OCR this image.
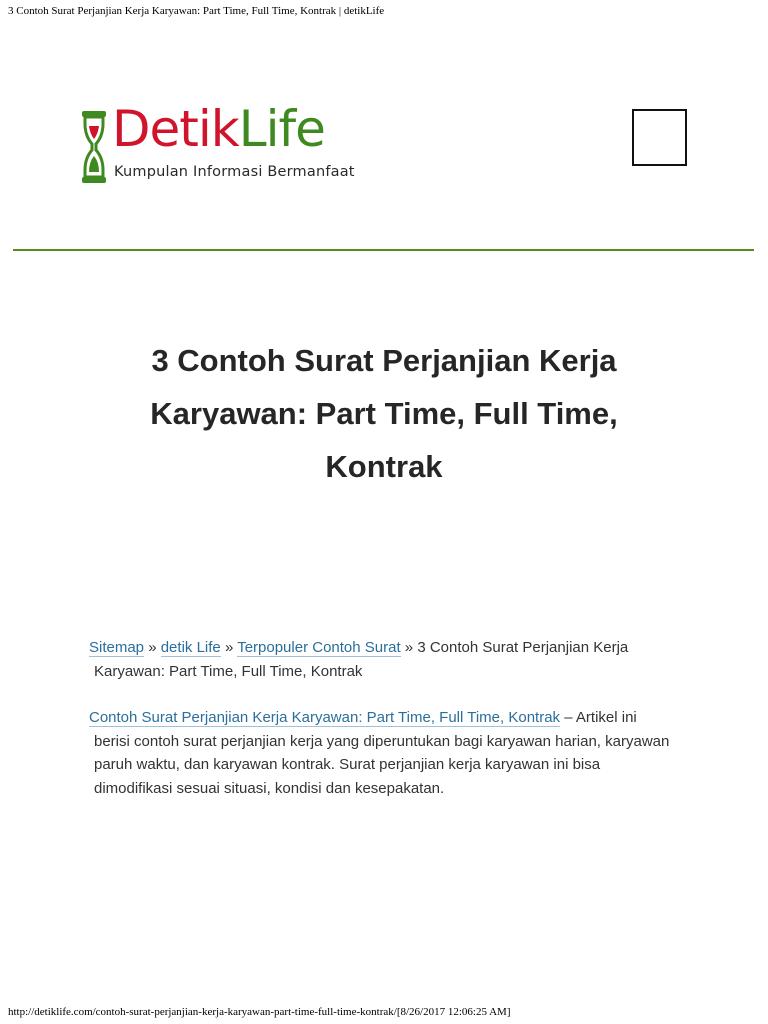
3 Contoh Surat Perjanjian Kerja Karyawan: Part Time, Full Time, Kontrak | detikLife
DetikLife
Kumpulan Informasi Bermanfaat
3 Contoh Surat Perjanjian Kerja
Karyawan: Part Time, Full Time,
Kontrak
Sitemap » detik Life » Terpopuler Contoh Surat » 3 Contoh Surat Perjanjian Kerja
Karyawan: Part Time, Full Time, Kontrak
Contoh Surat Perjanjian Kerja Karyawan: Part Time, Full Time, Kontrak – Artikel ini
berisi contoh surat perjanjian kerja yang diperuntukan bagi karyawan harian, karyawan
paruh waktu, dan karyawan kontrak. Surat perjanjian kerja karyawan ini bisa
dimodifikasi sesuai situasi, kondisi dan kesepakatan.
http://detiklife.com/contoh-surat-perjanjian-kerja-karyawan-part-time-full-time-kontrak/[8/26/2017 12:06:25 AM]
